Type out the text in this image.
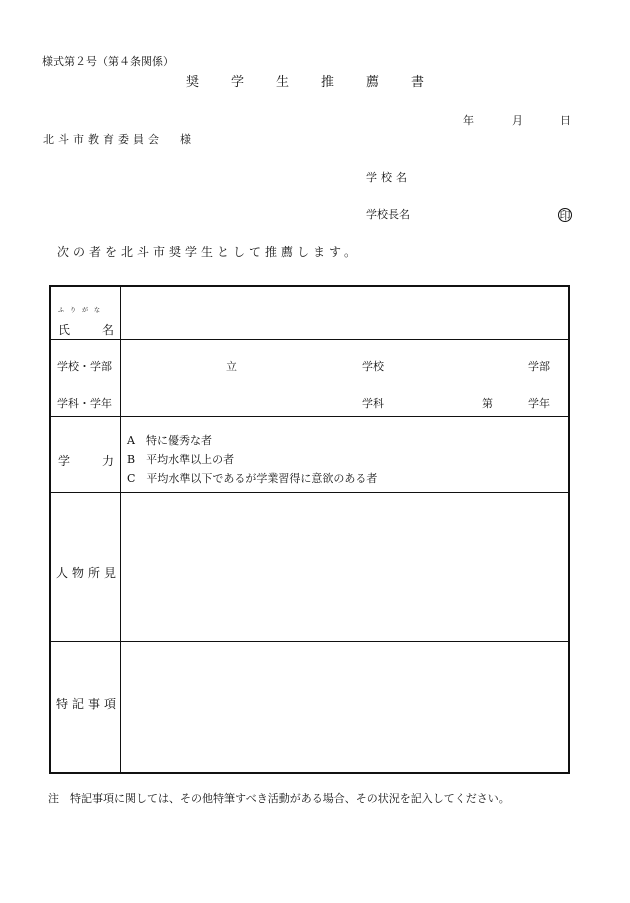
様式第２号（第４条関係）
奨学生推薦書
年	月	日
北斗市教育委員会 様
学校名
学校長名	印
次の者を北斗市奨学生として推薦します。
ふりがな
氏	名
学校・学部	立	学校	学部
学科・学年	学科	第	学年
学	力
A　特に優秀な者
B　平均水準以上の者
C　平均水準以下であるが学業習得に意欲のある者
人物所見
特記事項
注　特記事項に関しては、その他特筆すべき活動がある場合、その状況を記入してください。
